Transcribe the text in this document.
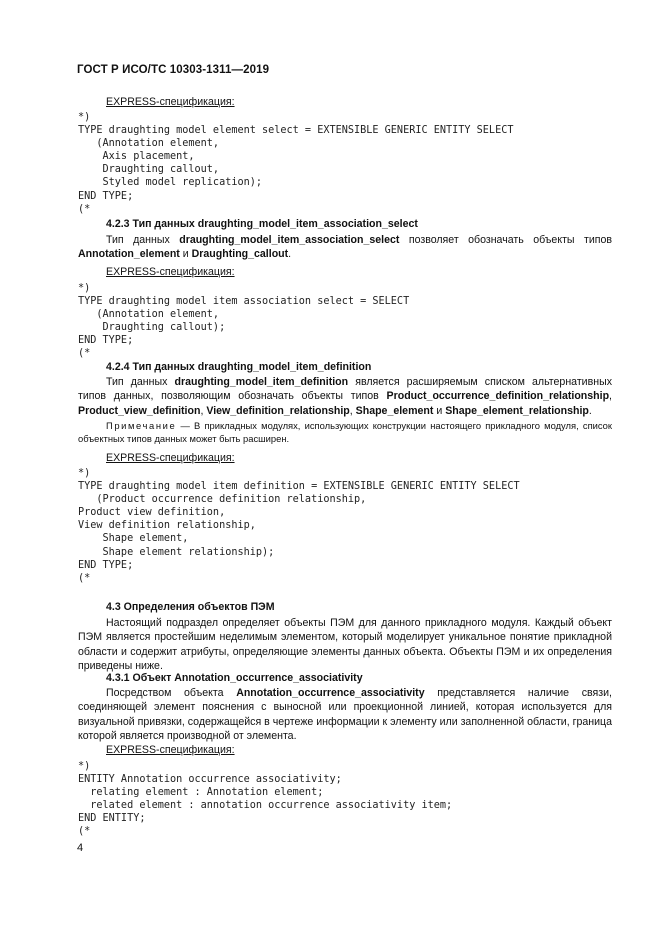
ГОСТ Р ИСО/ТС 10303-1311—2019
EXPRESS-спецификация:
*)
TYPE draughting model element select = EXTENSIBLE GENERIC ENTITY SELECT
(Annotation element,
Axis placement,
Draughting callout,
Styled model replication);
END TYPE;
(*
4.2.3 Тип данных draughting_model_item_association_select

Тип данных draughting_model_item_association_select позволяет обозначать объекты типов Annotation_element и Draughting_callout.

EXPRESS-спецификация:
*)
TYPE draughting model item association select = SELECT
(Annotation element,
Draughting callout);
END TYPE;
(*
4.2.4 Тип данных draughting_model_item_definition

Тип данных draughting_model_item_definition является расширяемым списком альтернативных типов данных, позволяющим обозначать объекты типов Product_occurrence_definition_relationship, Product_view_definition, View_definition_relationship, Shape_element и Shape_element_relationship.

Примечание — В прикладных модулях, использующих конструкции настоящего прикладного модуля, список объектных типов данных может быть расширен.

EXPRESS-спецификация:
*)
TYPE draughting model item definition = EXTENSIBLE GENERIC ENTITY SELECT
(Product occurrence definition relationship,
Product view definition,
View definition relationship,
Shape element,
Shape element relationship);
END TYPE;
(*
4.3 Определения объектов ПЭМ

Настоящий подраздел определяет объекты ПЭМ для данного прикладного модуля. Каждый объект ПЭМ является простейшим неделимым элементом, который моделирует уникальное понятие прикладной области и содержит атрибуты, определяющие элементы данных объекта. Объекты ПЭМ и их определения приведены ниже.

4.3.1 Объект Annotation_occurrence_associativity

Посредством объекта Annotation_occurrence_associativity представляется наличие связи, соединяющей элемент пояснения с выносной или проекционной линией, которая используется для визуальной привязки, содержащейся в чертеже информации к элементу или заполненной области, граница которой является производной от элемента.

EXPRESS-спецификация:
*)
ENTITY Annotation occurrence associativity;
relating element : Annotation element;
related element : annotation occurrence associativity item;
END ENTITY;
(*
4
